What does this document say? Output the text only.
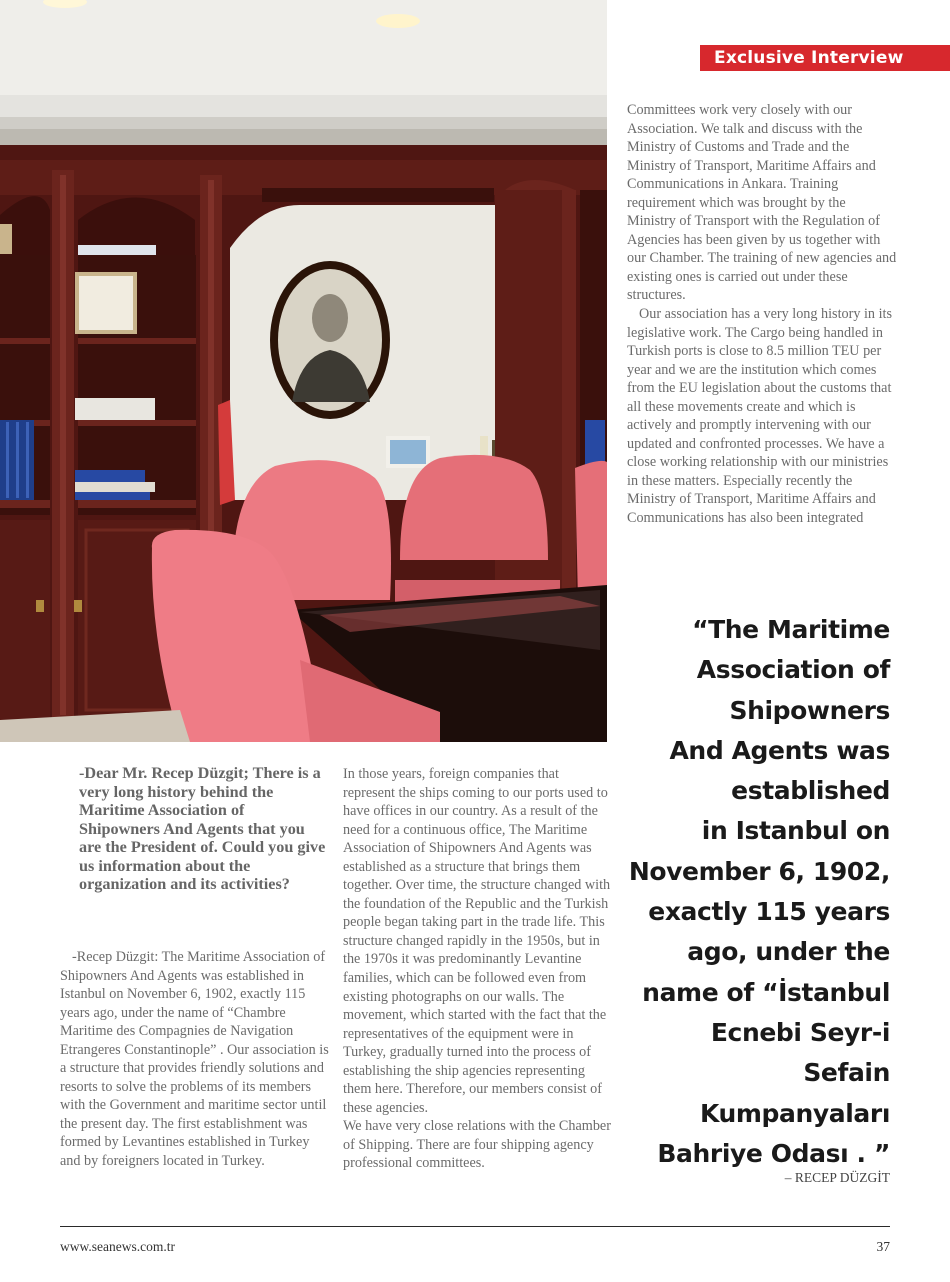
Exclusive Interview

Committees work very closely with our Association. We talk and discuss with the Ministry of Customs and Trade and the Ministry of Transport, Maritime Affairs and Communications in Ankara. Training requirement which was brought by the Ministry of Transport with the Regulation of Agencies has been given by us together with our Chamber. The training of new agencies and existing ones is carried out under these structures.

Our association has a very long history in its legislative work. The Cargo being handled in Turkish ports is close to 8.5 million TEU per year and we are the institution which comes from the EU legislation about the customs that all these movements create and which is actively and promptly intervening with our updated and confronted processes. We have a close working relationship with our ministries in these matters. Especially recently the Ministry of Transport, Maritime Affairs and Communications has also been integrated

“The Maritime

Association of

Shipowners

And Agents was

established

in Istanbul on

November 6, 1902,

exactly 115 years

ago, under the

name of “İstanbul

Ecnebi Seyr-i Sefain

Kumpanyaları

Bahriye Odası . ”

– RECEP DÜZGİT
-Dear Mr. Recep Düzgit; There is a very long history behind the Maritime Association of Shipowners And Agents that you are the President of. Could you give us information about the organization and its activities?

-Recep Düzgit: The Maritime Association of Shipowners And Agents was established in Istanbul on November 6, 1902, exactly 115 years ago, under the name of “Chambre Maritime des Compagnies de Navigation Etrangeres Constantinople” . Our association is a structure that provides friendly solutions and resorts to solve the problems of its members with the Government and maritime sector until the present day. The first establishment was formed by Levantines established in Turkey and by foreigners located in Turkey.

In those years, foreign companies that represent the ships coming to our ports used to have offices in our country. As a result of the need for a continuous office, The Maritime Association of Shipowners And Agents was established as a structure that brings them together. Over time, the structure changed with the foundation of the Republic and the Turkish people began taking part in the trade life. This structure changed rapidly in the 1950s, but in the 1970s it was predominantly Levantine families, which can be followed even from existing photographs on our walls. The movement, which started with the fact that the representatives of the equipment were in Turkey, gradually turned into the process of establishing the ship agencies representing them here. Therefore, our members consist of these agencies.

We have very close relations with the Chamber of Shipping. There are four shipping agency professional committees.

www.seanews.com.tr	37
